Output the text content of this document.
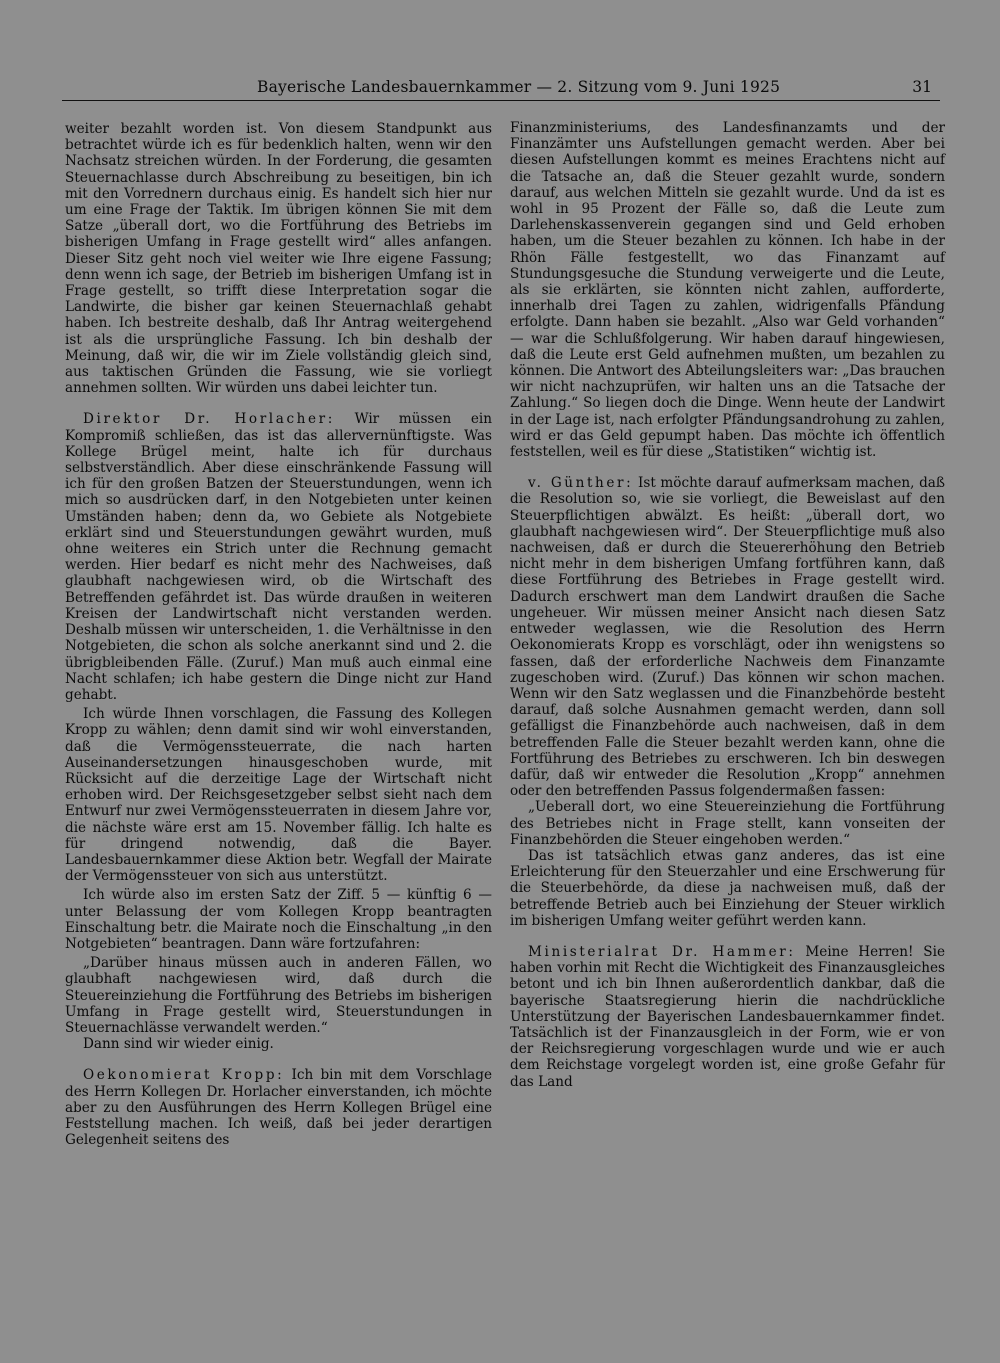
Bayerische Landesbauernkammer — 2. Sitzung vom 9. Juni 1925	31

weiter bezahlt worden ist. Von diesem Standpunkt aus betrachtet würde ich es für bedenklich halten, wenn wir den Nachsatz streichen würden. In der Forderung, die gesamten Steuernachlasse durch Abschreibung zu beseitigen, bin ich mit den Vorrednern durchaus einig. Es handelt sich hier nur um eine Frage der Taktik. Im übrigen können Sie mit dem Satze „überall dort, wo die Fortführung des Betriebs im bisherigen Umfang in Frage gestellt wird“ alles anfangen. Dieser Sitz geht noch viel weiter wie Ihre eigene Fassung; denn wenn ich sage, der Betrieb im bisherigen Umfang ist in Frage gestellt, so trifft diese Interpretation sogar die Landwirte, die bisher gar keinen Steuernachlaß gehabt haben. Ich bestreite deshalb, daß Ihr Antrag weitergehend ist als die ursprüngliche Fassung. Ich bin deshalb der Meinung, daß wir, die wir im Ziele vollständig gleich sind, aus taktischen Gründen die Fassung, wie sie vorliegt annehmen sollten. Wir würden uns dabei leichter tun.

Direktor Dr. Horlacher: Wir müssen ein Kompromiß schließen, das ist das allervernünftigste. Was Kollege Brügel meint, halte ich für durchaus selbstverständlich. Aber diese einschränkende Fassung will ich für den großen Batzen der Steuerstundungen, wenn ich mich so ausdrücken darf, in den Notgebieten unter keinen Umständen haben; denn da, wo Gebiete als Notgebiete erklärt sind und Steuerstundungen gewährt wurden, muß ohne weiteres ein Strich unter die Rechnung gemacht werden. Hier bedarf es nicht mehr des Nachweises, daß glaubhaft nachgewiesen wird, ob die Wirtschaft des Betreffenden gefährdet ist. Das würde draußen in weiteren Kreisen der Landwirtschaft nicht verstanden werden. Deshalb müssen wir unterscheiden, 1. die Verhältnisse in den Notgebieten, die schon als solche anerkannt sind und 2. die übrigbleibenden Fälle. (Zuruf.) Man muß auch einmal eine Nacht schlafen; ich habe gestern die Dinge nicht zur Hand gehabt.

Ich würde Ihnen vorschlagen, die Fassung des Kollegen Kropp zu wählen; denn damit sind wir wohl einverstanden, daß die Vermögenssteuerrate, die nach harten Auseinandersetzungen hinausgeschoben wurde, mit Rücksicht auf die derzeitige Lage der Wirtschaft nicht erhoben wird. Der Reichsgesetzgeber selbst sieht nach dem Entwurf nur zwei Vermögenssteuerraten in diesem Jahre vor, die nächste wäre erst am 15. November fällig. Ich halte es für dringend notwendig, daß die Bayer. Landesbauernkammer diese Aktion betr. Wegfall der Mairate der Vermögenssteuer von sich aus unterstützt.

Ich würde also im ersten Satz der Ziff. 5 — künftig 6 — unter Belassung der vom Kollegen Kropp beantragten Einschaltung betr. die Mairate noch die Einschaltung „in den Notgebieten“ beantragen. Dann wäre fortzufahren:

„Darüber hinaus müssen auch in anderen Fällen, wo glaubhaft nachgewiesen wird, daß durch die Steuereinziehung die Fortführung des Betriebs im bisherigen Umfang in Frage gestellt wird, Steuerstundungen in Steuernachlässe verwandelt werden.“

Dann sind wir wieder einig.

Oekonomierat Kropp: Ich bin mit dem Vorschlage des Herrn Kollegen Dr. Horlacher einverstanden, ich möchte aber zu den Ausführungen des Herrn Kollegen Brügel eine Feststellung machen. Ich weiß, daß bei jeder derartigen Gelegenheit seitens des

Finanzministeriums, des Landesfinanzamts und der Finanzämter uns Aufstellungen gemacht werden. Aber bei diesen Aufstellungen kommt es meines Erachtens nicht auf die Tatsache an, daß die Steuer gezahlt wurde, sondern darauf, aus welchen Mitteln sie gezahlt wurde. Und da ist es wohl in 95 Prozent der Fälle so, daß die Leute zum Darlehenskassenverein gegangen sind und Geld erhoben haben, um die Steuer bezahlen zu können. Ich habe in der Rhön Fälle festgestellt, wo das Finanzamt auf Stundungsgesuche die Stundung verweigerte und die Leute, als sie erklärten, sie könnten nicht zahlen, aufforderte, innerhalb drei Tagen zu zahlen, widrigenfalls Pfändung erfolgte. Dann haben sie bezahlt. „Also war Geld vorhanden“ — war die Schlußfolgerung. Wir haben darauf hingewiesen, daß die Leute erst Geld aufnehmen mußten, um bezahlen zu können. Die Antwort des Abteilungsleiters war: „Das brauchen wir nicht nachzuprüfen, wir halten uns an die Tatsache der Zahlung.“ So liegen doch die Dinge. Wenn heute der Landwirt in der Lage ist, nach erfolgter Pfändungsandrohung zu zahlen, wird er das Geld gepumpt haben. Das möchte ich öffentlich feststellen, weil es für diese „Statistiken“ wichtig ist.

v. Günther: Ist möchte darauf aufmerksam machen, daß die Resolution so, wie sie vorliegt, die Beweislast auf den Steuerpflichtigen abwälzt. Es heißt: „überall dort, wo glaubhaft nachgewiesen wird“. Der Steuerpflichtige muß also nachweisen, daß er durch die Steuererhöhung den Betrieb nicht mehr in dem bisherigen Umfang fortführen kann, daß diese Fortführung des Betriebes in Frage gestellt wird. Dadurch erschwert man dem Landwirt draußen die Sache ungeheuer. Wir müssen meiner Ansicht nach diesen Satz entweder weglassen, wie die Resolution des Herrn Oekonomierats Kropp es vorschlägt, oder ihn wenigstens so fassen, daß der erforderliche Nachweis dem Finanzamte zugeschoben wird. (Zuruf.) Das können wir schon machen. Wenn wir den Satz weglassen und die Finanzbehörde besteht darauf, daß solche Ausnahmen gemacht werden, dann soll gefälligst die Finanzbehörde auch nachweisen, daß in dem betreffenden Falle die Steuer bezahlt werden kann, ohne die Fortführung des Betriebes zu erschweren. Ich bin deswegen dafür, daß wir entweder die Resolution „Kropp“ annehmen oder den betreffenden Passus folgendermaßen fassen:

„Ueberall dort, wo eine Steuereinziehung die Fortführung des Betriebes nicht in Frage stellt, kann vonseiten der Finanzbehörden die Steuer eingehoben werden.“

Das ist tatsächlich etwas ganz anderes, das ist eine Erleichterung für den Steuerzahler und eine Erschwerung für die Steuerbehörde, da diese ja nachweisen muß, daß der betreffende Betrieb auch bei Einziehung der Steuer wirklich im bisherigen Umfang weiter geführt werden kann.

Ministerialrat Dr. Hammer: Meine Herren! Sie haben vorhin mit Recht die Wichtigkeit des Finanzausgleiches betont und ich bin Ihnen außerordentlich dankbar, daß die bayerische Staatsregierung hierin die nachdrückliche Unterstützung der Bayerischen Landesbauernkammer findet. Tatsächlich ist der Finanzausgleich in der Form, wie er von der Reichsregierung vorgeschlagen wurde und wie er auch dem Reichstage vorgelegt worden ist, eine große Gefahr für das Land
